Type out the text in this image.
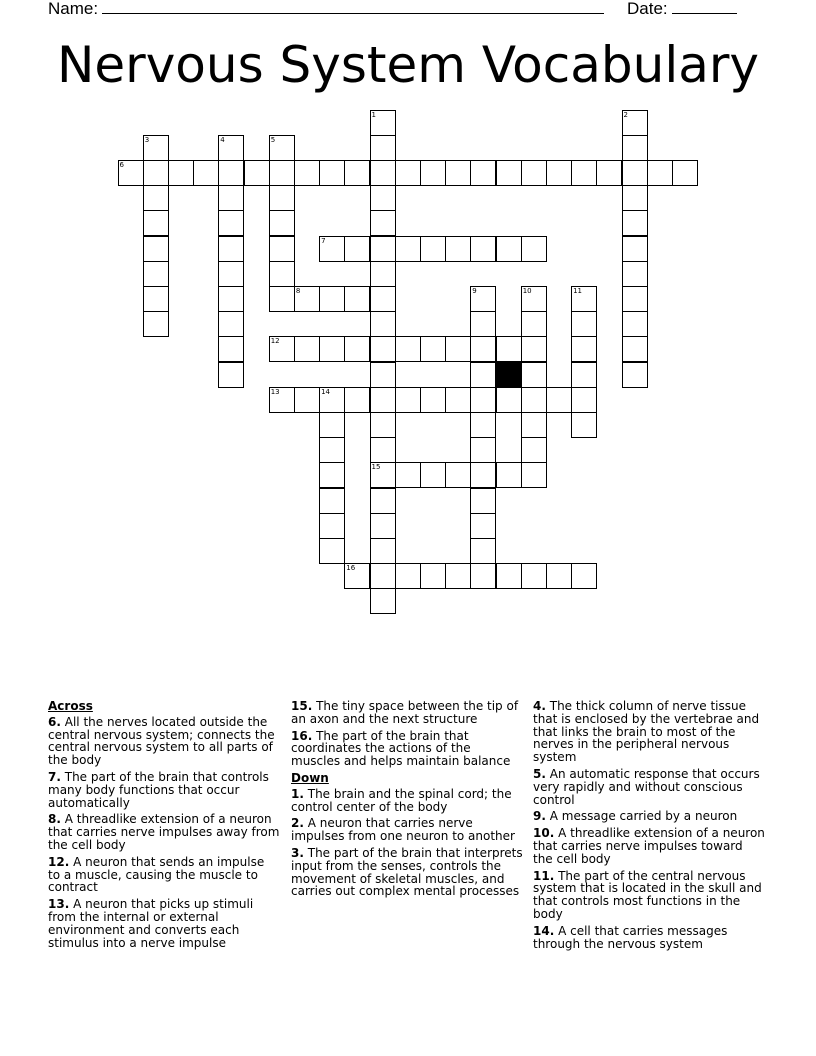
Name:	Date:
Nervous System Vocabulary
6
7
8
12
13	14
15
16
1	2
3	4	5
9	10	11
Across
6. All the nerves located outside the central nervous system; connects the central nervous system to all parts of the body
7. The part of the brain that controls many body functions that occur automatically
8. A threadlike extension of a neuron that carries nerve impulses away from the cell body
12. A neuron that sends an impulse to a muscle, causing the muscle to contract
13. A neuron that picks up stimuli from the internal or external environment and converts each stimulus into a nerve impulse
15. The tiny space between the tip of an axon and the next structure
16. The part of the brain that coordinates the actions of the muscles and helps maintain balance
Down
1. The brain and the spinal cord; the control center of the body
2. A neuron that carries nerve impulses from one neuron to another
3. The part of the brain that interprets input from the senses, controls the movement of skeletal muscles, and carries out complex mental processes
4. The thick column of nerve tissue that is enclosed by the vertebrae and that links the brain to most of the nerves in the peripheral nervous system
5. An automatic response that occurs very rapidly and without conscious control
9. A message carried by a neuron
10. A threadlike extension of a neuron that carries nerve impulses toward the cell body
11. The part of the central nervous system that is located in the skull and that controls most functions in the body
14. A cell that carries messages through the nervous system
